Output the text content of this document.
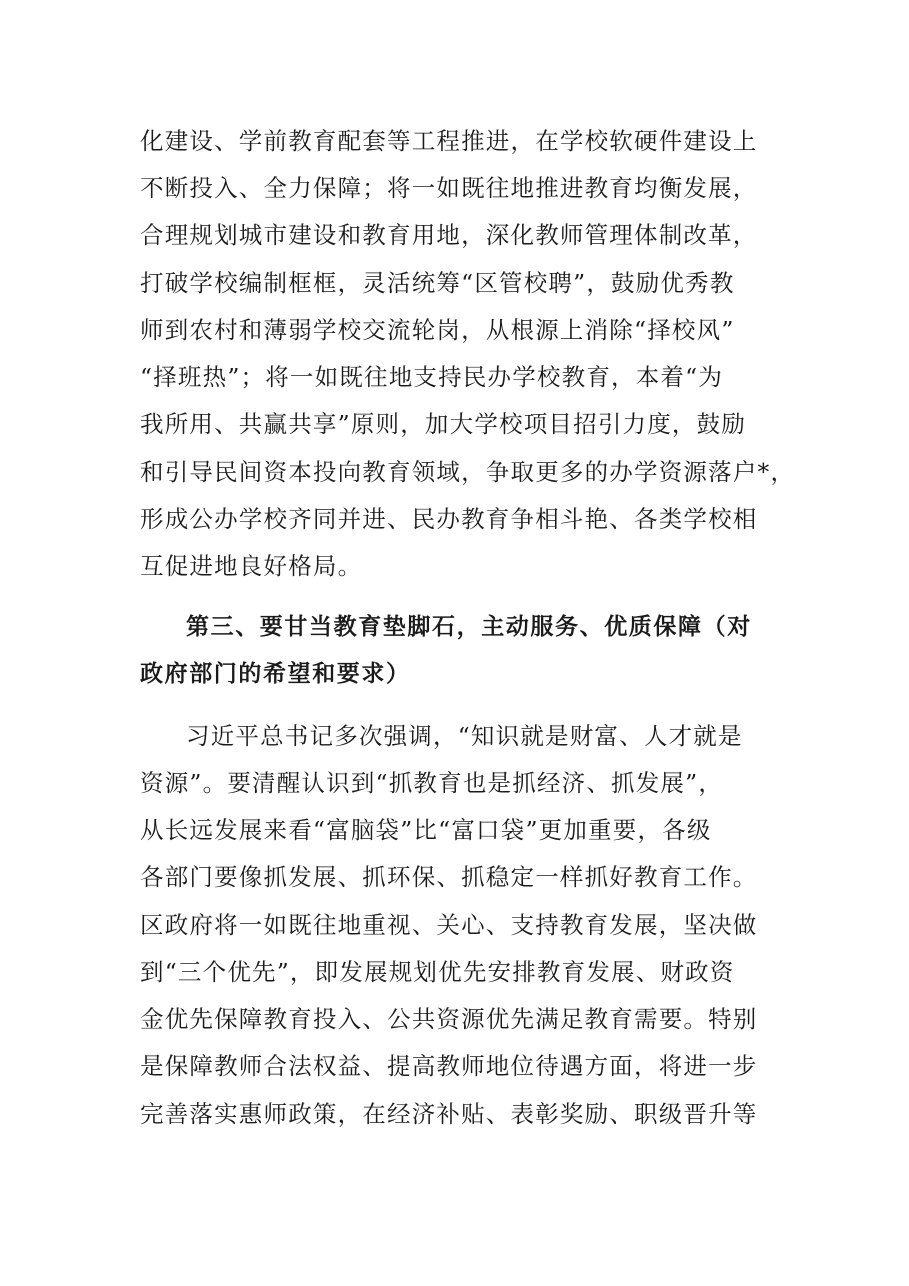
化建设、学前教育配套等工程推进，在学校软硬件建设上
不断投入、全力保障；将一如既往地推进教育均衡发展，
合理规划城市建设和教育用地，深化教师管理体制改革，
打破学校编制框框，灵活统筹“区管校聘”，鼓励优秀教
师到农村和薄弱学校交流轮岗，从根源上消除“择校风”
“择班热”；将一如既往地支持民办学校教育，本着“为
我所用、共赢共享”原则，加大学校项目招引力度，鼓励
和引导民间资本投向教育领域，争取更多的办学资源落户*，
形成公办学校齐同并进、民办教育争相斗艳、各类学校相
互促进地良好格局。
第三、要甘当教育垫脚石，主动服务、优质保障（对
政府部门的希望和要求）
习近平总书记多次强调，“知识就是财富、人才就是
资源”。要清醒认识到“抓教育也是抓经济、抓发展”，
从长远发展来看“富脑袋”比“富口袋”更加重要，各级
各部门要像抓发展、抓环保、抓稳定一样抓好教育工作。
区政府将一如既往地重视、关心、支持教育发展，坚决做
到“三个优先”，即发展规划优先安排教育发展、财政资
金优先保障教育投入、公共资源优先满足教育需要。特别
是保障教师合法权益、提高教师地位待遇方面，将进一步
完善落实惠师政策，在经济补贴、表彰奖励、职级晋升等
